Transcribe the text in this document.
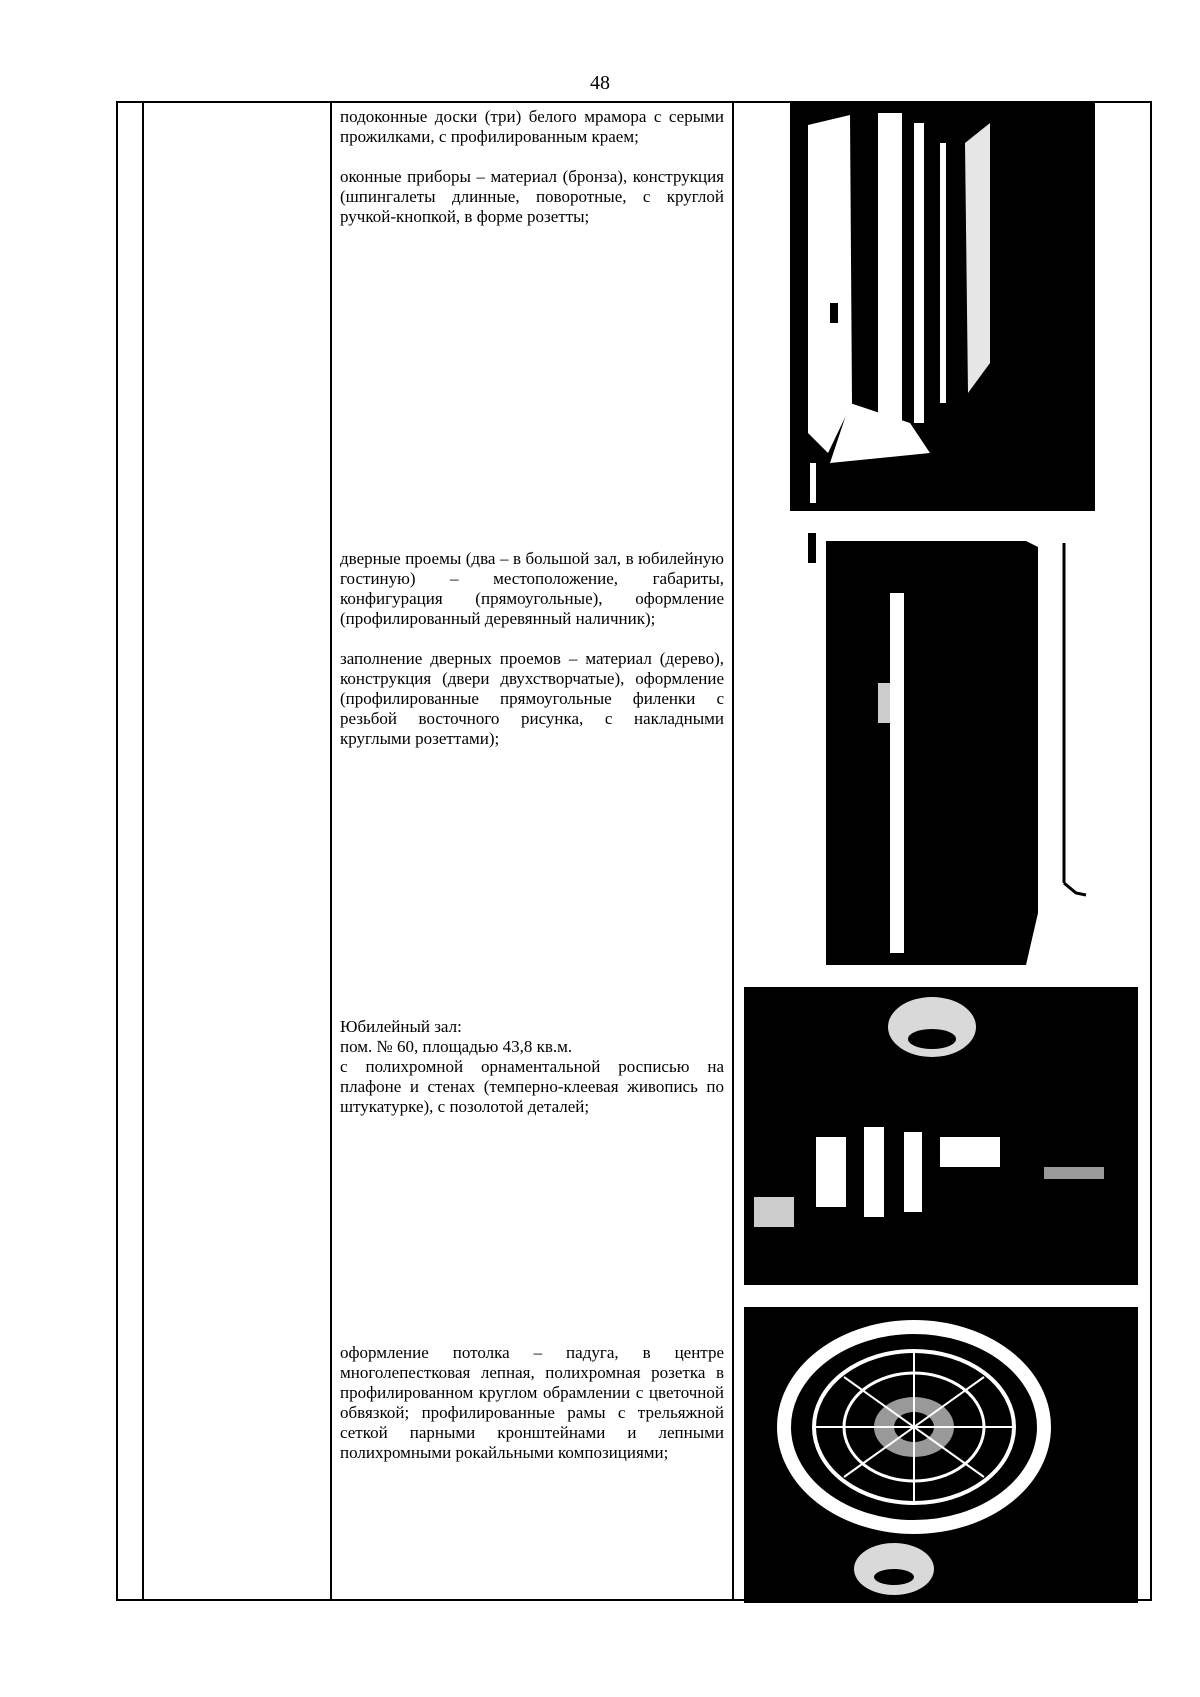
48

подоконные доски (три) белого мрамора с серыми прожилками, с профилированным краем;

оконные приборы – материал (бронза), конструкция (шпингалеты длинные, поворотные, с круглой ручкой-кнопкой, в форме розетты;

дверные проемы (два – в большой зал, в юбилейную гостиную) – местоположение, габариты, конфигурация (прямоугольные), оформление (профилированный деревянный наличник);

заполнение дверных проемов – материал (дерево), конструкция (двери двухстворчатые), оформление (профилированные прямоугольные филенки с резьбой восточного рисунка, с накладными круглыми розеттами);

Юбилейный зал:
пом. № 60, площадью 43,8 кв.м.
с полихромной орнаментальной росписью на плафоне и стенах (темперно-клеевая живопись по штукатурке), с позолотой деталей;

оформление потолка – падуга, в центре многолепестковая лепная, полихромная розетка в профилированном круглом обрамлении с цветочной обвязкой; профилированные рамы с трельяжной сеткой парными кронштейнами и лепными полихромными рокайльными композициями;
